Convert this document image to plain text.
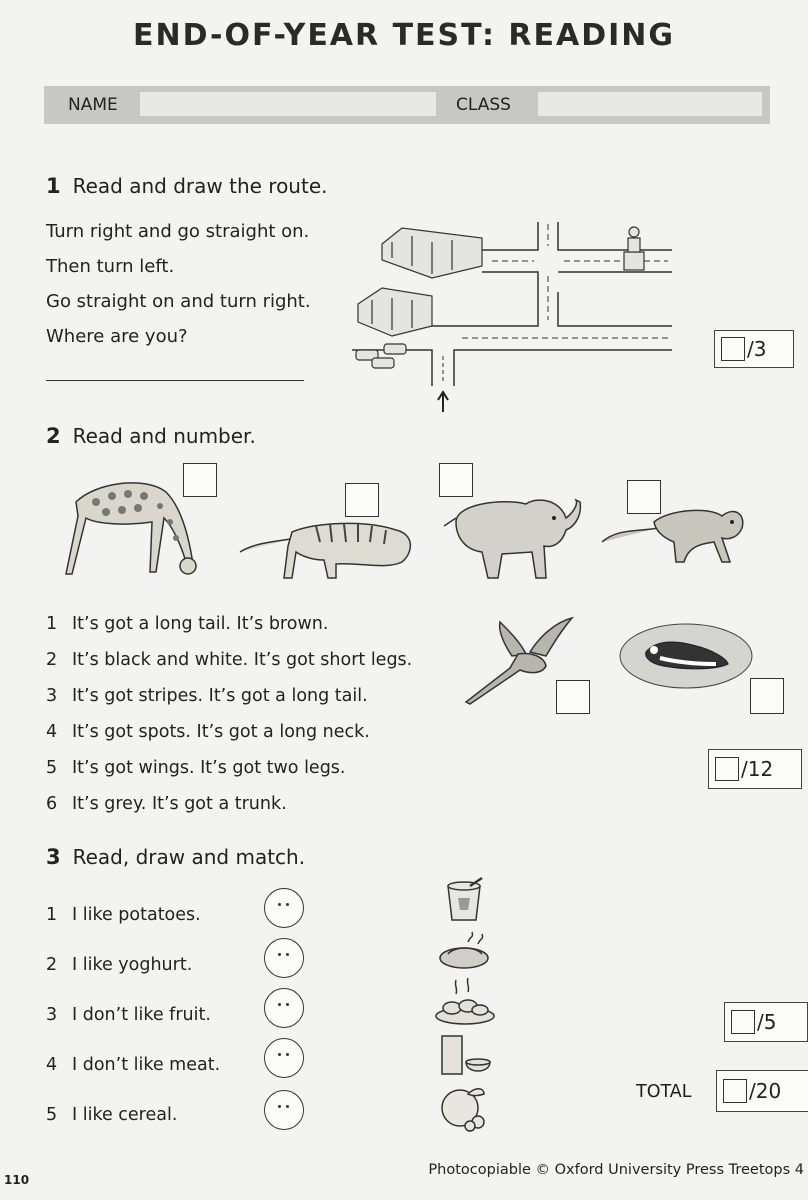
END-OF-YEAR TEST: READING
NAME	CLASS
1 Read and draw the route.
Turn right and go straight on.
Then turn left.
Go straight on and turn right.
Where are you?
/3
2 Read and number.
1 It’s got a long tail. It’s brown.
2 It’s black and white. It’s got short legs.
3 It’s got stripes. It’s got a long tail.
4 It’s got spots. It’s got a long neck.
5 It’s got wings. It’s got two legs.
6 It’s grey. It’s got a trunk.
/12
3 Read, draw and match.
1 I like potatoes.
2 I like yoghurt.
3 I don’t like fruit.
4 I don’t like meat.
5 I like cereal.
/5
TOTAL	/20
110
Photocopiable © Oxford University Press Treetops 4
